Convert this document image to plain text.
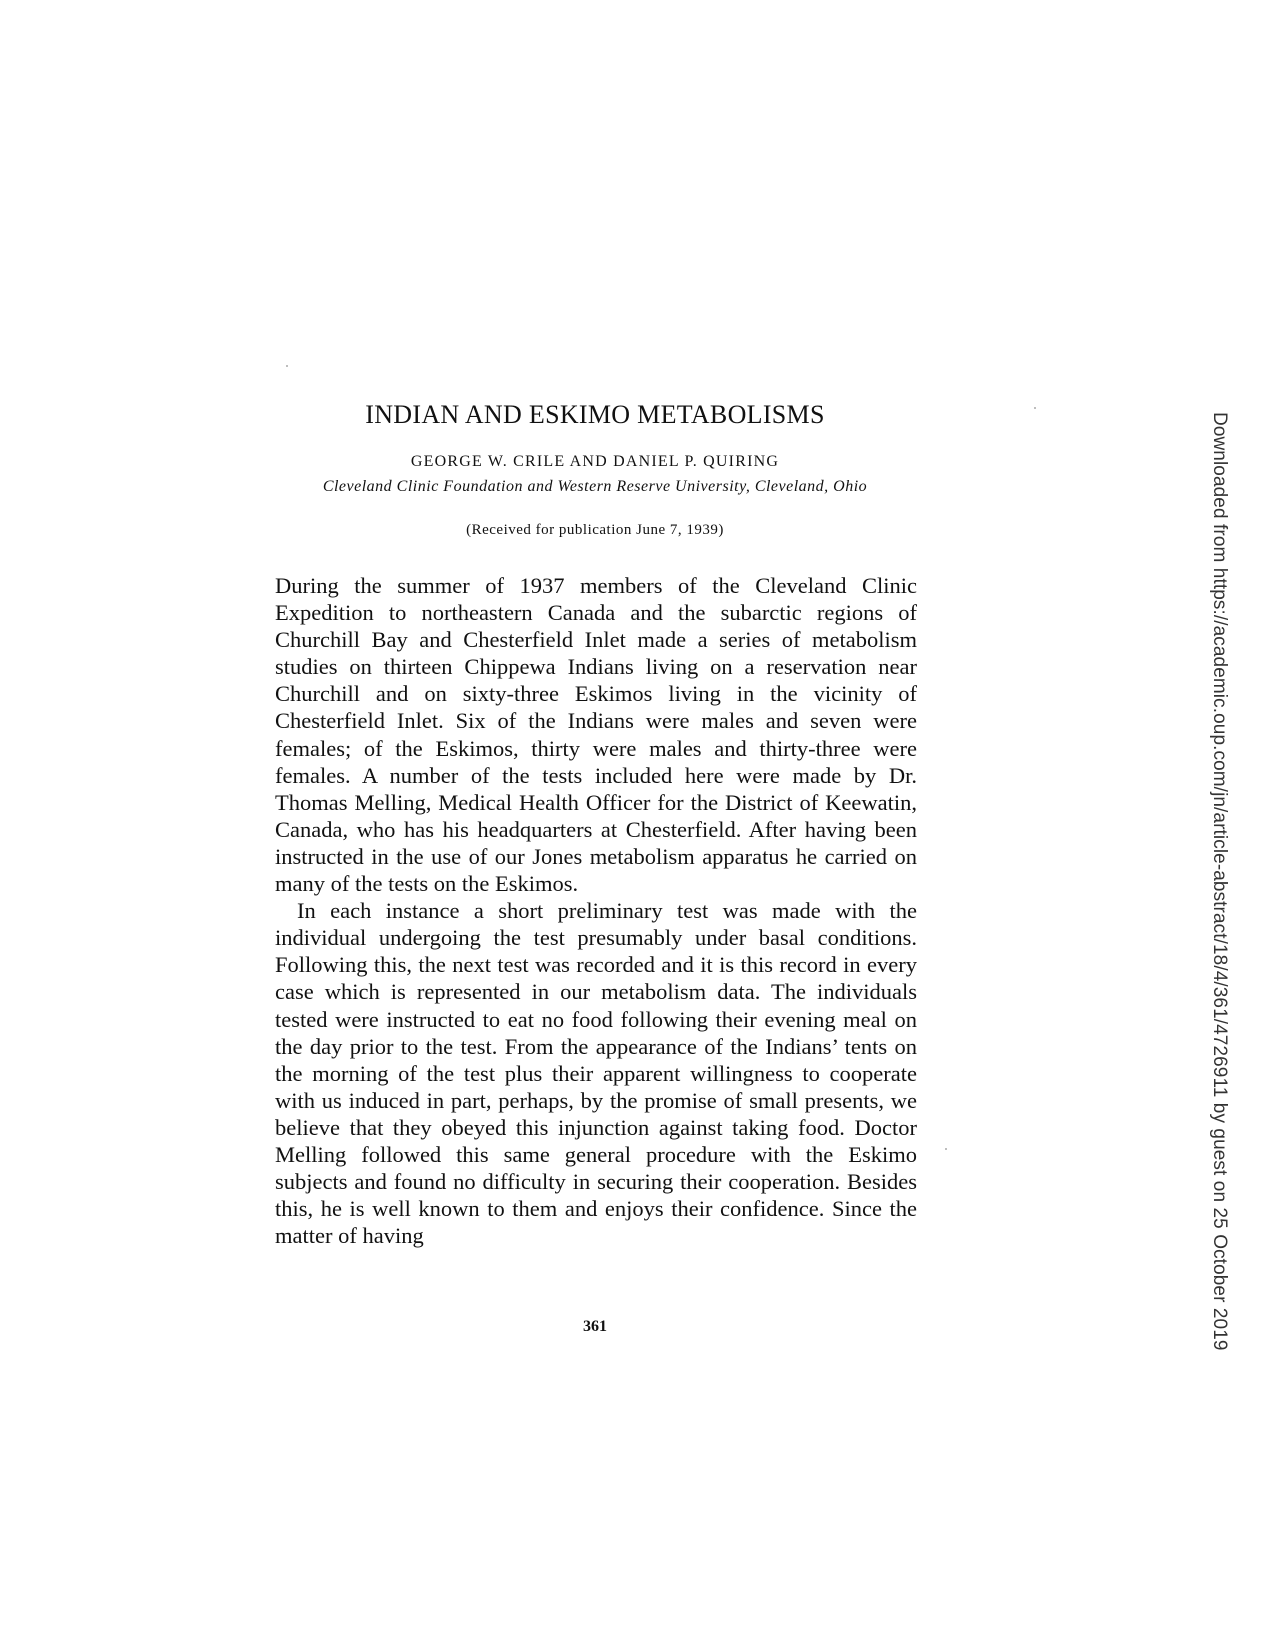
INDIAN AND ESKIMO METABOLISMS
GEORGE W. CRILE AND DANIEL P. QUIRING
Cleveland Clinic Foundation and Western Reserve University, Cleveland, Ohio
(Received for publication June 7, 1939)

During the summer of 1937 members of the Cleveland Clinic Expedition to northeastern Canada and the subarctic regions of Churchill Bay and Chesterfield Inlet made a series of metabolism studies on thirteen Chippewa Indians living on a reservation near Churchill and on sixty-three Eskimos living in the vicinity of Chesterfield Inlet. Six of the Indians were males and seven were females; of the Eskimos, thirty were males and thirty-three were females. A number of the tests included here were made by Dr. Thomas Melling, Medical Health Officer for the District of Keewatin, Canada, who has his headquarters at Chesterfield. After having been instructed in the use of our Jones metabolism apparatus he carried on many of the tests on the Eskimos.

In each instance a short preliminary test was made with the individual undergoing the test presumably under basal conditions. Following this, the next test was recorded and it is this record in every case which is represented in our metabolism data. The individuals tested were instructed to eat no food following their evening meal on the day prior to the test. From the appearance of the Indians’ tents on the morning of the test plus their apparent willingness to cooperate with us induced in part, perhaps, by the promise of small presents, we believe that they obeyed this injunction against taking food. Doctor Melling followed this same general procedure with the Eskimo subjects and found no difficulty in securing their cooperation. Besides this, he is well known to them and enjoys their confidence. Since the matter of having

361	Downloaded from https://academic.oup.com/jn/article-abstract/18/4/361/4726911 by guest on 25 October 2019
